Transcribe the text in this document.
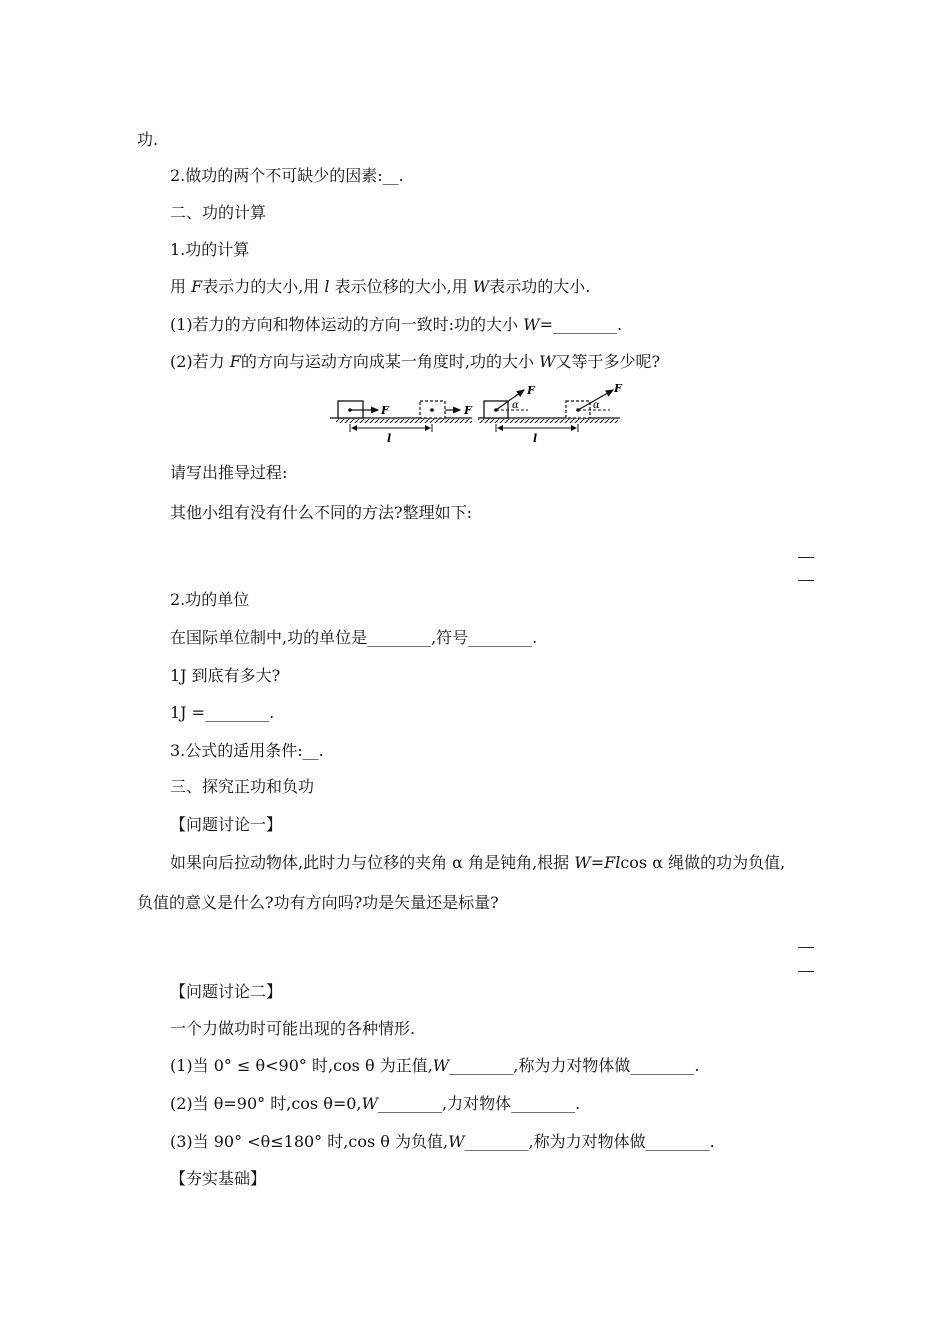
功.
2.做功的两个不可缺少的因素:__.
二、功的计算
1.功的计算
用 F表示力的大小,用 l 表示位移的大小,用 W表示功的大小.
(1)若力的方向和物体运动的方向一致时:功的大小 W=________.
(2)若力 F的方向与运动方向成某一角度时,功的大小 W又等于多少呢?
F	F
l
F
α
F
α
l
请写出推导过程:
其他小组有没有什么不同的方法?整理如下:
2.功的单位
在国际单位制中,功的单位是________,符号________.
1J 到底有多大?
1J =________.
3.公式的适用条件:__.
三、探究正功和负功
【问题讨论一】
如果向后拉动物体,此时力与位移的夹角 α 角是钝角,根据 W=Flcos α 绳做的功为负值,
负值的意义是什么?功有方向吗?功是矢量还是标量?
【问题讨论二】
一个力做功时可能出现的各种情形.
(1)当 0° ≤ θ<90° 时,cos θ 为正值,W________,称为力对物体做________.
(2)当 θ=90° 时,cos θ=0,W________,力对物体________.
(3)当 90° <θ≤180° 时,cos θ 为负值,W________,称为力对物体做________.
【夯实基础】
